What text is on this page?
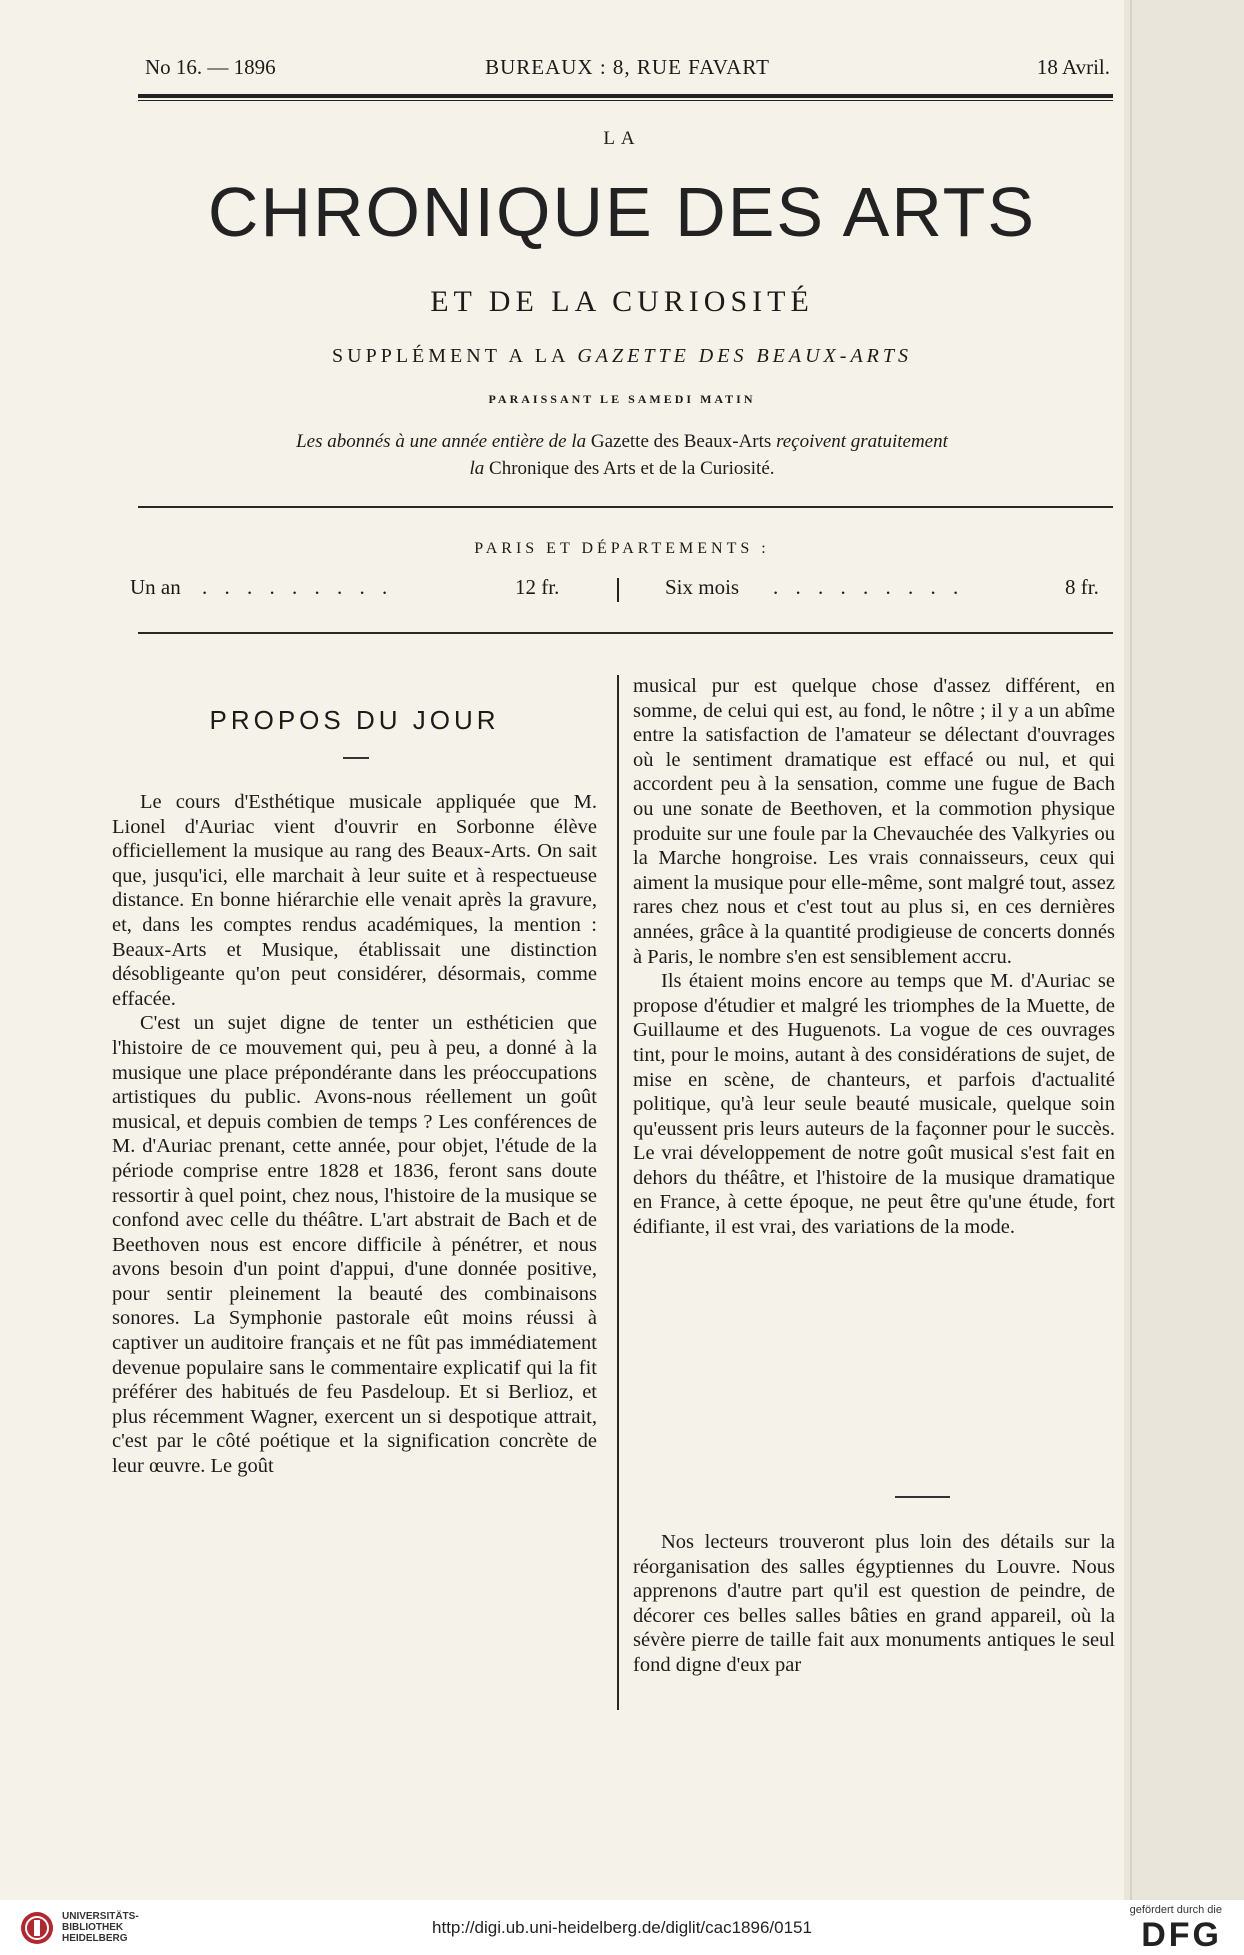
No 16. — 1896	BUREAUX : 8, RUE FAVART	18 Avril.
LA
CHRONIQUE DES ARTS
ET DE LA CURIOSITÉ
SUPPLÉMENT A LA GAZETTE DES BEAUX-ARTS
PARAISSANT LE SAMEDI MATIN
Les abonnés à une année entière de la Gazette des Beaux-Arts reçoivent gratuitement
la Chronique des Arts et de la Curiosité.
PARIS ET DÉPARTEMENTS :
Un an . . . . . . . . .	12 fr.	Six mois . . . . . . . . .	8 fr.
PROPOS DU JOUR

Le cours d'Esthétique musicale appliquée que M. Lionel d'Auriac vient d'ouvrir en Sorbonne élève officiellement la musique au rang des Beaux-Arts. On sait que, jusqu'ici, elle marchait à leur suite et à respectueuse distance. En bonne hiérarchie elle venait après la gravure, et, dans les comptes rendus académiques, la mention : Beaux-Arts et Musique, établissait une distinction désobligeante qu'on peut considérer, désormais, comme effacée.

C'est un sujet digne de tenter un esthéticien que l'histoire de ce mouvement qui, peu à peu, a donné à la musique une place prépondérante dans les préoccupations artistiques du public. Avons-nous réellement un goût musical, et depuis combien de temps ? Les conférences de M. d'Auriac prenant, cette année, pour objet, l'étude de la période comprise entre 1828 et 1836, feront sans doute ressortir à quel point, chez nous, l'histoire de la musique se confond avec celle du théâtre. L'art abstrait de Bach et de Beethoven nous est encore difficile à pénétrer, et nous avons besoin d'un point d'appui, d'une donnée positive, pour sentir pleinement la beauté des combinaisons sonores. La Symphonie pastorale eût moins réussi à captiver un auditoire français et ne fût pas immédiatement devenue populaire sans le commentaire explicatif qui la fit préférer des habitués de feu Pasdeloup. Et si Berlioz, et plus récemment Wagner, exercent un si despotique attrait, c'est par le côté poétique et la signification concrète de leur œuvre. Le goût

musical pur est quelque chose d'assez différent, en somme, de celui qui est, au fond, le nôtre ; il y a un abîme entre la satisfaction de l'amateur se délectant d'ouvrages où le sentiment dramatique est effacé ou nul, et qui accordent peu à la sensation, comme une fugue de Bach ou une sonate de Beethoven, et la commotion physique produite sur une foule par la Chevauchée des Valkyries ou la Marche hongroise. Les vrais connaisseurs, ceux qui aiment la musique pour elle-même, sont malgré tout, assez rares chez nous et c'est tout au plus si, en ces dernières années, grâce à la quantité prodigieuse de concerts donnés à Paris, le nombre s'en est sensiblement accru.

Ils étaient moins encore au temps que M. d'Auriac se propose d'étudier et malgré les triomphes de la Muette, de Guillaume et des Huguenots. La vogue de ces ouvrages tint, pour le moins, autant à des considérations de sujet, de mise en scène, de chanteurs, et parfois d'actualité politique, qu'à leur seule beauté musicale, quelque soin qu'eussent pris leurs auteurs de la façonner pour le succès. Le vrai développement de notre goût musical s'est fait en dehors du théâtre, et l'histoire de la musique dramatique en France, à cette époque, ne peut être qu'une étude, fort édifiante, il est vrai, des variations de la mode.

Nos lecteurs trouveront plus loin des détails sur la réorganisation des salles égyptiennes du Louvre. Nous apprenons d'autre part qu'il est question de peindre, de décorer ces belles salles bâties en grand appareil, où la sévère pierre de taille fait aux monuments antiques le seul fond digne d'eux par

UNIVERSITÄTS-
BIBLIOTHEK
HEIDELBERG
http://digi.ub.uni-heidelberg.de/diglit/cac1896/0151
gefördert durch die
DFG
